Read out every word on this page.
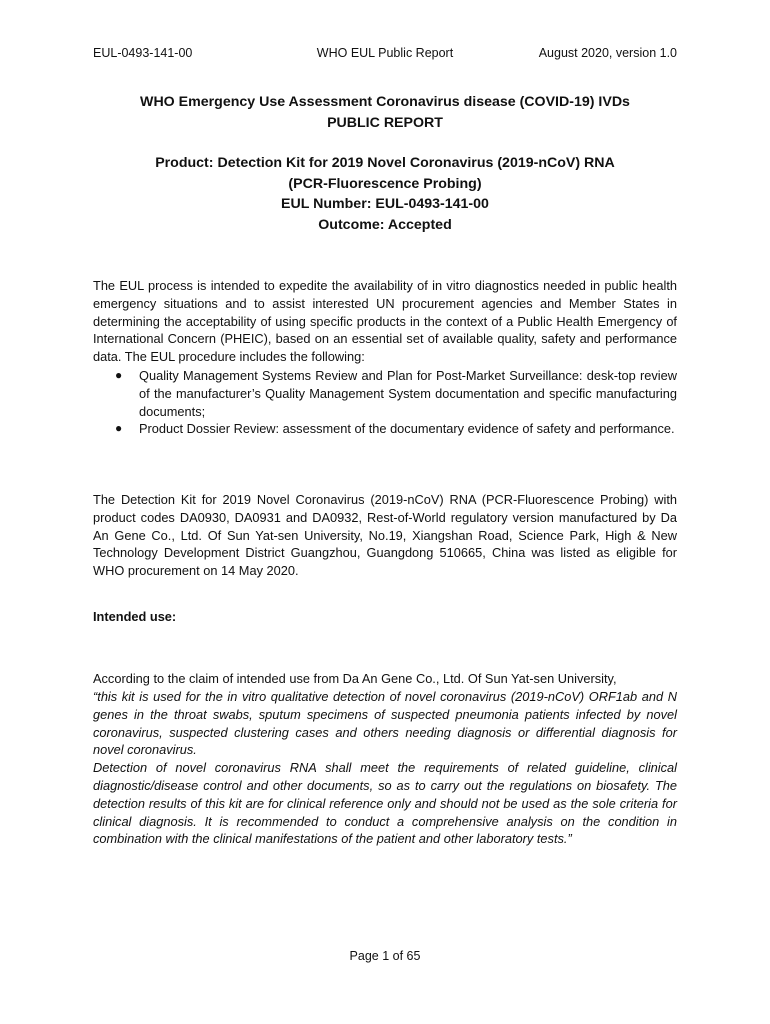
EUL-0493-141-00	WHO EUL Public Report	August 2020, version 1.0
WHO Emergency Use Assessment Coronavirus disease (COVID-19) IVDs
PUBLIC REPORT
Product: Detection Kit for 2019 Novel Coronavirus (2019-nCoV) RNA
(PCR-Fluorescence Probing)
EUL Number: EUL-0493-141-00
Outcome: Accepted
The EUL process is intended to expedite the availability of in vitro diagnostics needed in public health emergency situations and to assist interested UN procurement agencies and Member States in determining the acceptability of using specific products in the context of a Public Health Emergency of International Concern (PHEIC), based on an essential set of available quality, safety and performance data. The EUL procedure includes the following:
● Quality Management Systems Review and Plan for Post-Market Surveillance: desk-top review of the manufacturer’s Quality Management System documentation and specific manufacturing documents;
● Product Dossier Review: assessment of the documentary evidence of safety and performance.
The Detection Kit for 2019 Novel Coronavirus (2019-nCoV) RNA (PCR-Fluorescence Probing) with product codes DA0930, DA0931 and DA0932, Rest-of-World regulatory version manufactured by Da An Gene Co., Ltd. Of Sun Yat-sen University, No.19, Xiangshan Road, Science Park, High & New Technology Development District Guangzhou, Guangdong 510665, China was listed as eligible for WHO procurement on 14 May 2020.
Intended use:
According to the claim of intended use from Da An Gene Co., Ltd. Of Sun Yat-sen University,

“this kit is used for the in vitro qualitative detection of novel coronavirus (2019-nCoV) ORF1ab and N genes in the throat swabs, sputum specimens of suspected pneumonia patients infected by novel coronavirus, suspected clustering cases and others needing diagnosis or differential diagnosis for novel coronavirus.

Detection of novel coronavirus RNA shall meet the requirements of related guideline, clinical diagnostic/disease control and other documents, so as to carry out the regulations on biosafety. The detection results of this kit are for clinical reference only and should not be used as the sole criteria for clinical diagnosis. It is recommended to conduct a comprehensive analysis on the condition in combination with the clinical manifestations of the patient and other laboratory tests.”

Page 1 of 65
